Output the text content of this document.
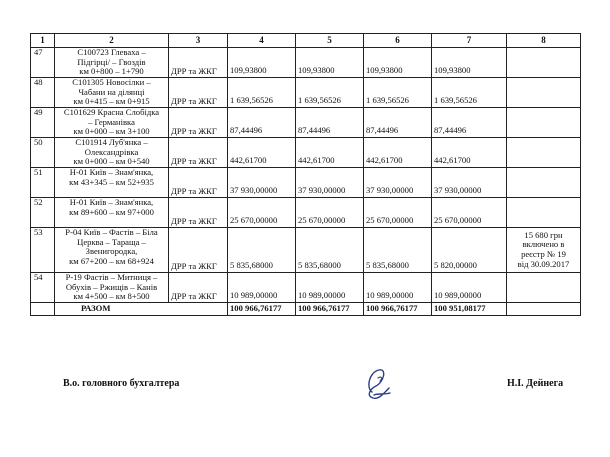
1	2	3	4	5	6	7	8
47	C100723 Глеваха –
Підгірці/ – Гвоздів
км 0+800 – 1+790	ДРР та ЖКГ	109,93800	109,93800	109,93800	109,93800	
48	C101305 Новосілки –
Чабани на ділянці
км 0+415 – км 0+915	ДРР та ЖКГ	1 639,56526	1 639,56526	1 639,56526	1 639,56526	
49	C101629 Красна Слобідка
– Германівка
км 0+000 – км 3+100	ДРР та ЖКГ	87,44496	87,44496	87,44496	87,44496	
50	C101914 Луб'янка –
Олександрівка
км 0+000 – км 0+540	ДРР та ЖКГ	442,61700	442,61700	442,61700	442,61700	
51	Н-01 Київ – Знам'янка,
км 43+345 – км 52+935	ДРР та ЖКГ	37 930,00000	37 930,00000	37 930,00000	37 930,00000	
52	Н-01 Київ – Знам'янка,
км 89+600 – км 97+000	ДРР та ЖКГ	25 670,00000	25 670,00000	25 670,00000	25 670,00000	
53	Р-04 Київ – Фастів – Біла
Церква – Тараща –
Звенигородка,
км 67+200 – км 68+924	ДРР та ЖКГ	5 835,68000	5 835,68000	5 835,68000	5 820,00000	15 680 грн
включено в
реєстр № 19
від 30.09.2017

54	Р-19 Фастів – Митниця –
Обухів – Ржищів – Канів
км 4+500 – км 8+500	ДРР та ЖКГ	10 989,00000	10 989,00000	10 989,00000	10 989,00000	
	РАЗОМ		100 966,76177	100 966,76177	100 966,76177	100 951,08177	
В.о. головного бухгалтера	Н.І. Дейнега
